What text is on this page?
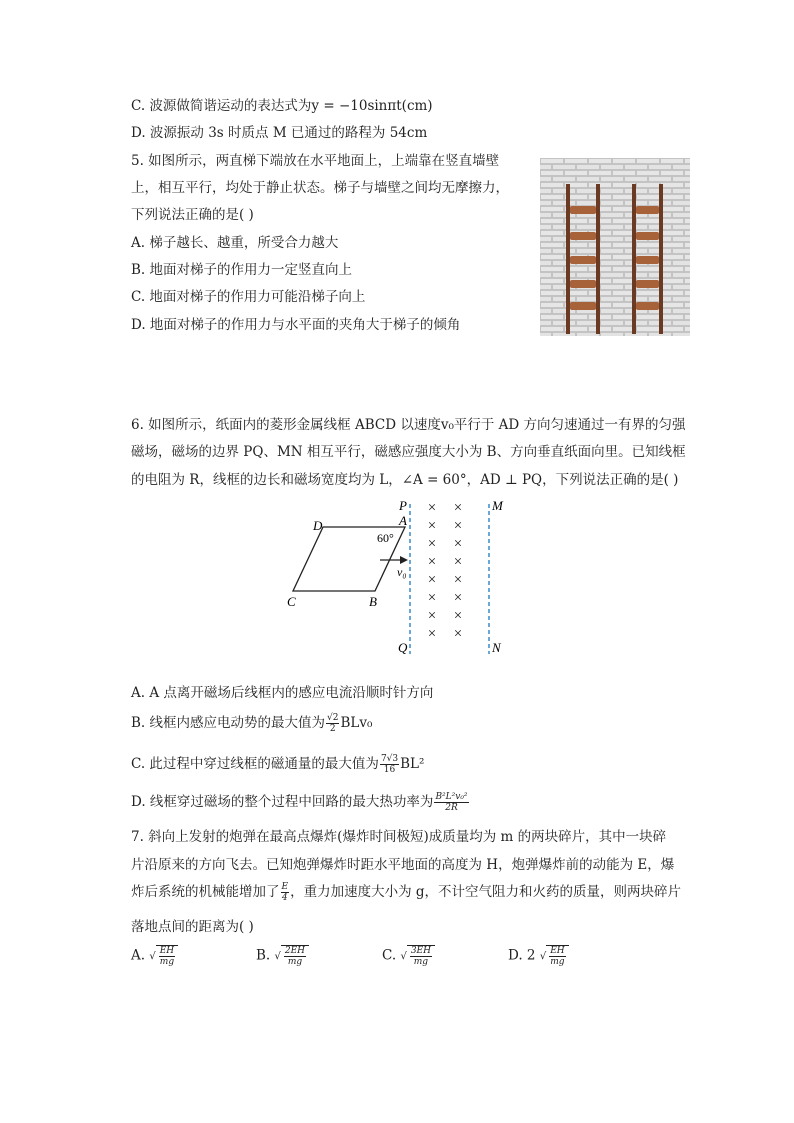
C. 波源做简谐运动的表达式为y = −10sinπt(cm)
D. 波源振动 3s 时质点 M 已通过的路程为 54cm
5. 如图所示，两直梯下端放在水平地面上，上端靠在竖直墙壁
上，相互平行，均处于静止状态。梯子与墙壁之间均无摩擦力，
下列说法正确的是( )
A. 梯子越长、越重，所受合力越大
B. 地面对梯子的作用力一定竖直向上
C. 地面对梯子的作用力可能沿梯子向上
D. 地面对梯子的作用力与水平面的夹角大于梯子的倾角
6. 如图所示，纸面内的菱形金属线框 ABCD 以速度v₀平行于 AD 方向匀速通过一有界的匀强
磁场，磁场的边界 PQ、MN 相互平行，磁感应强度大小为 B、方向垂直纸面向里。已知线框
的电阻为 R，线框的边长和磁场宽度均为 L，∠A = 60°，AD ⊥ PQ，下列说法正确的是( )
P
Q
M
N
A
B
C
D
60°
v₀
× ×
× ×
× ×
× ×
× ×
× ×
× ×
× ×
A. A 点离开磁场后线框内的感应电流沿顺时针方向
B. 线框内感应电动势的最大值为 $\frac{√2}{2} BLv_0$
C. 此过程中穿过线框的磁通量的最大值为 $\frac{7√3}{16} BL^2$
D. 线框穿过磁场的整个过程中回路的最大热功率为 $\frac{\text{B²L²v₀²}}{2R}$
7. 斜向上发射的炮弹在最高点爆炸(爆炸时间极短)成质量均为 m 的两块碎片，其中一块碎
片沿原来的方向飞去。已知炮弹爆炸时距水平地面的高度为 H，炮弹爆炸前的动能为 E，爆
炸后系统的机械能增加了 $\frac{E}{4}$ ，重力加速度大小为 g，不计空气阻力和火药的质量，则两块碎片
落地点间的距离为( )
A. √ $\frac{EH}{mg}$	B. √ $\frac{2EH}{mg}$	C. √ $\frac{3EH}{mg}$	D. 2 √ $\frac{EH}{mg}$
